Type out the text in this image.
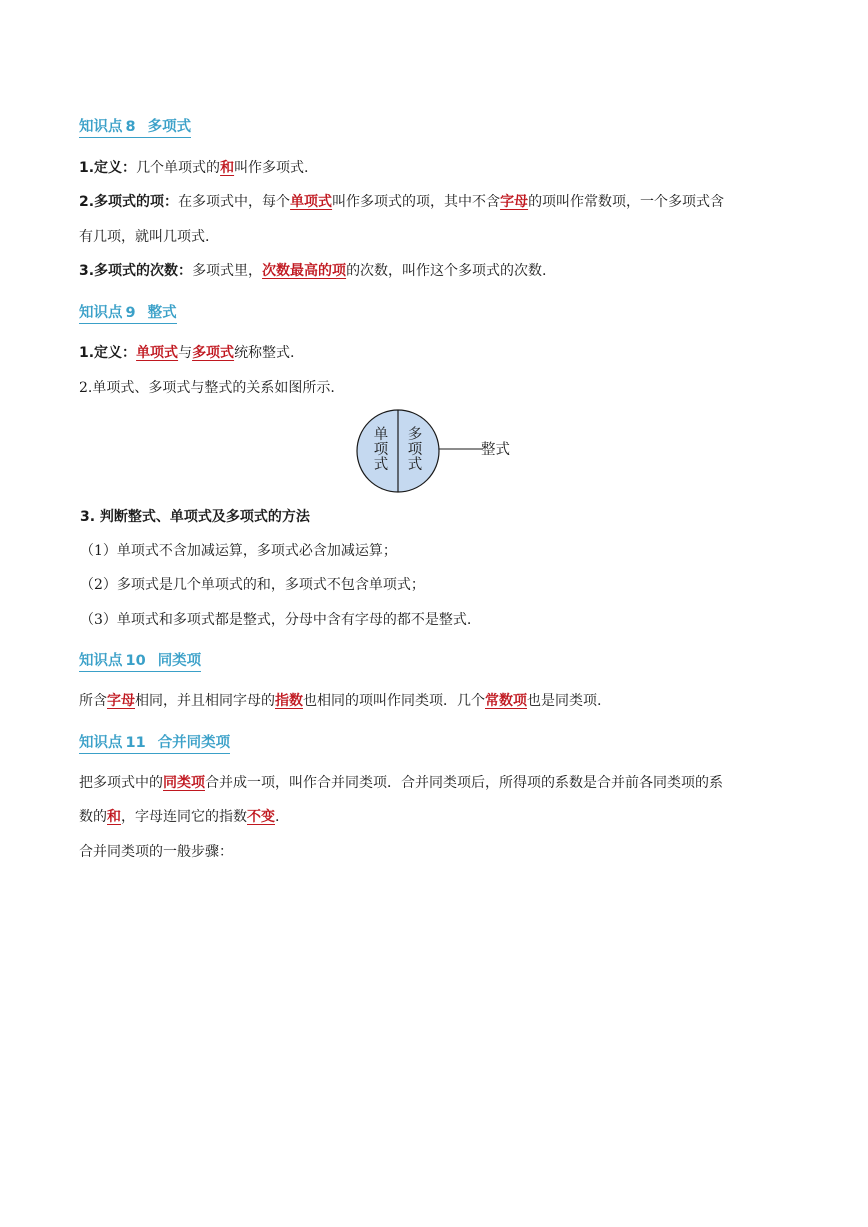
知识点 8 多项式
1.定义：几个单项式的和叫作多项式.
2.多项式的项：在多项式中，每个单项式叫作多项式的项，其中不含字母的项叫作常数项，一个多项式含
有几项，就叫几项式.
3.多项式的次数：多项式里，次数最高的项的次数，叫作这个多项式的次数.
知识点 9 整式
1.定义：单项式与多项式统称整式.
2.单项式、多项式与整式的关系如图所示.
单
项
式
多
项
式
整式
3. 判断整式、单项式及多项式的方法
（1）单项式不含加减运算，多项式必含加减运算；
（2）多项式是几个单项式的和，多项式不包含单项式；
（3）单项式和多项式都是整式，分母中含有字母的都不是整式.
知识点 10 同类项
所含字母相同，并且相同字母的指数也相同的项叫作同类项．几个常数项也是同类项.
知识点 11 合并同类项
把多项式中的同类项合并成一项，叫作合并同类项．合并同类项后，所得项的系数是合并前各同类项的系
数的和，字母连同它的指数不变.
合并同类项的一般步骤：
